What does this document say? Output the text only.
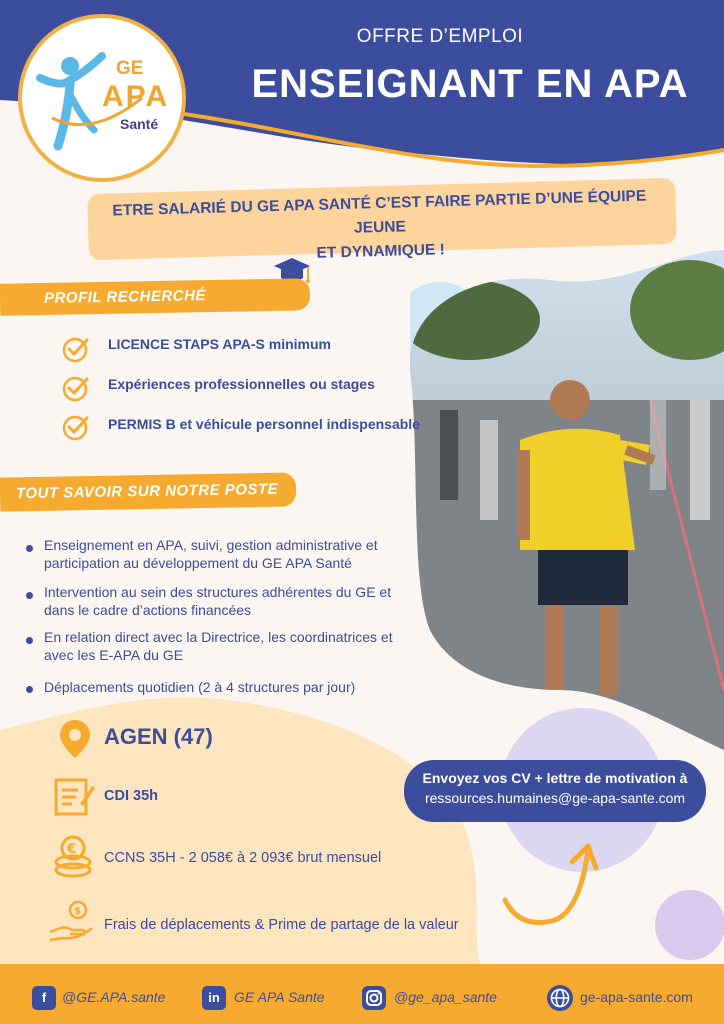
OFFRE D’EMPLOI
ENSEIGNANT EN APA
GE
APA
Santé
ETRE SALARIÉ DU GE APA SANTÉ C’EST FAIRE PARTIE D’UNE ÉQUIPE JEUNE
ET DYNAMIQUE !
PROFIL RECHERCHÉ
LICENCE STAPS APA-S minimum
Expériences professionnelles ou stages
PERMIS B et véhicule personnel indispensable
TOUT SAVOIR SUR NOTRE POSTE
Enseignement en APA, suivi, gestion administrative et
participation au développement du GE APA Santé
Intervention au sein des structures adhérentes du GE et
dans le cadre d’actions financées
En relation direct avec la Directrice, les coordinatrices et
avec les E-APA du GE
Déplacements quotidien (2 à 4 structures par jour)
AGEN (47)
CDI 35h
€
CCNS 35H - 2 058€ à 2 093€ brut mensuel
$
Frais de déplacements & Prime de partage de la valeur
Envoyez vos CV + lettre de motivation à
ressources.humaines@ge-apa-sante.com
f	@GE.APA.sante	in	GE APA Sante	@ge_apa_sante	ge-apa-sante.com
